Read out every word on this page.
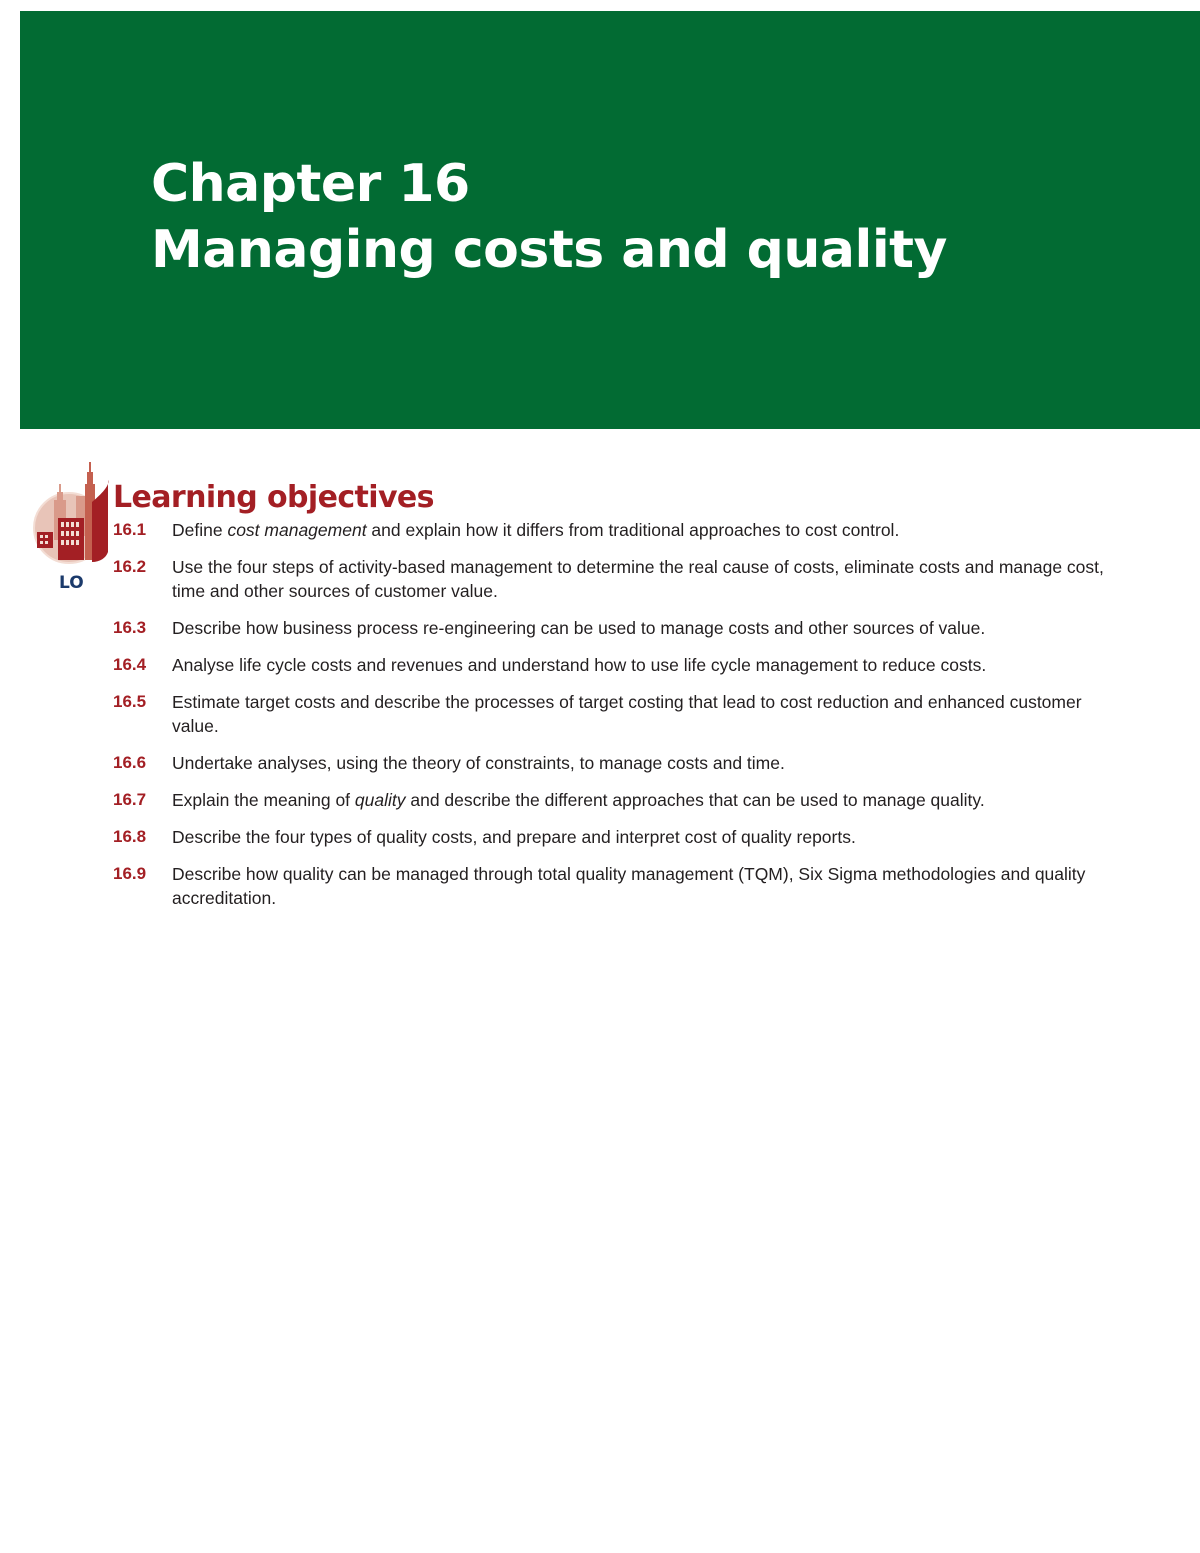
Chapter 16
Managing costs and quality
LO
Learning objectives
16.1	Define cost management and explain how it differs from traditional approaches to cost control.
16.2	Use the four steps of activity-based management to determine the real cause of costs, eliminate costs and manage cost, time and other sources of customer value.
16.3	Describe how business process re-engineering can be used to manage costs and other sources of value.
16.4	Analyse life cycle costs and revenues and understand how to use life cycle management to reduce costs.
16.5	Estimate target costs and describe the processes of target costing that lead to cost reduction and enhanced customer value.
16.6	Undertake analyses, using the theory of constraints, to manage costs and time.
16.7	Explain the meaning of quality and describe the different approaches that can be used to manage quality.
16.8	Describe the four types of quality costs, and prepare and interpret cost of quality reports.
16.9	Describe how quality can be managed through total quality management (TQM), Six Sigma methodologies and quality accreditation.
